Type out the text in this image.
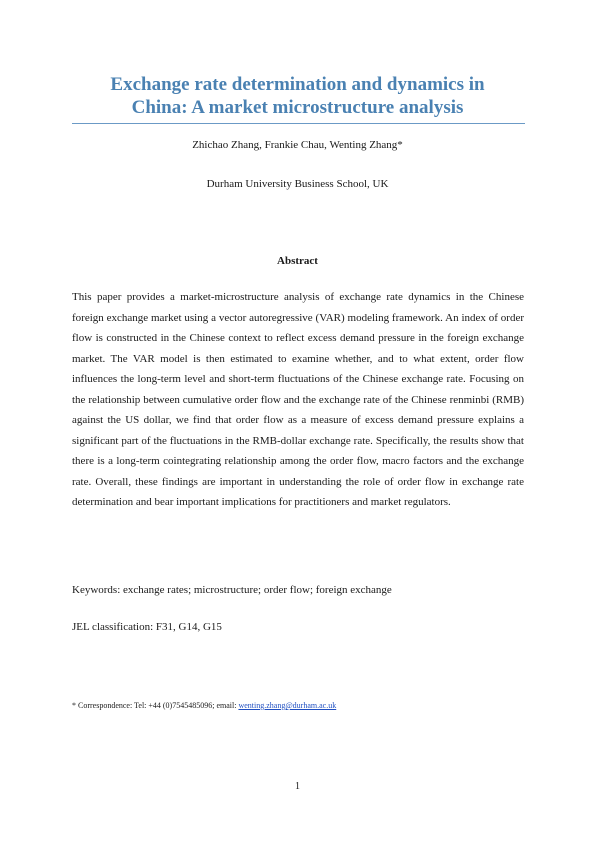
Exchange rate determination and dynamics in
China: A market microstructure analysis
Zhichao Zhang, Frankie Chau, Wenting Zhang*
Durham University Business School, UK
Abstract

This paper provides a market-microstructure analysis of exchange rate dynamics in the Chinese foreign exchange market using a vector autoregressive (VAR) modeling framework. An index of order flow is constructed in the Chinese context to reflect excess demand pressure in the foreign exchange market. The VAR model is then estimated to examine whether, and to what extent, order flow influences the long-term level and short-term fluctuations of the Chinese exchange rate. Focusing on the relationship between cumulative order flow and the exchange rate of the Chinese renminbi (RMB) against the US dollar, we find that order flow as a measure of excess demand pressure explains a significant part of the fluctuations in the RMB-dollar exchange rate. Specifically, the results show that there is a long-term cointegrating relationship among the order flow, macro factors and the exchange rate. Overall, these findings are important in understanding the role of order flow in exchange rate determination and bear important implications for practitioners and market regulators.

Keywords: exchange rates; microstructure; order flow; foreign exchange
JEL classification: F31, G14, G15
* Correspondence: Tel: +44 (0)7545485096; email: wenting.zhang@durham.ac.uk
1
